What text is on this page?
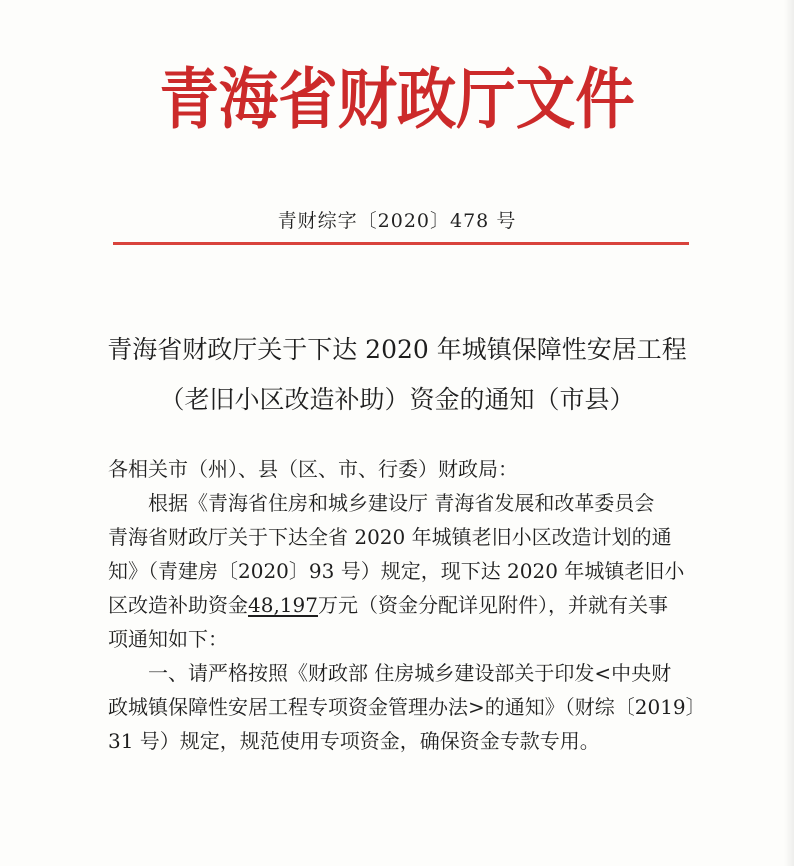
青海省财政厅文件
青财综字〔2020〕478 号
青海省财政厅关于下达 2020 年城镇保障性安居工程
（老旧小区改造补助）资金的通知（市县）
各相关市（州）、县（区、市、行委）财政局：
根据《青海省住房和城乡建设厅 青海省发展和改革委员会
青海省财政厅关于下达全省 2020 年城镇老旧小区改造计划的通
知》（青建房〔2020〕93 号）规定，现下达 2020 年城镇老旧小
区改造补助资金 48,197 万元（资金分配详见附件），并就有关事
项通知如下：
一、请严格按照《财政部 住房城乡建设部关于印发<中央财
政城镇保障性安居工程专项资金管理办法>的通知》（财综〔2019〕
31 号）规定，规范使用专项资金，确保资金专款专用。
